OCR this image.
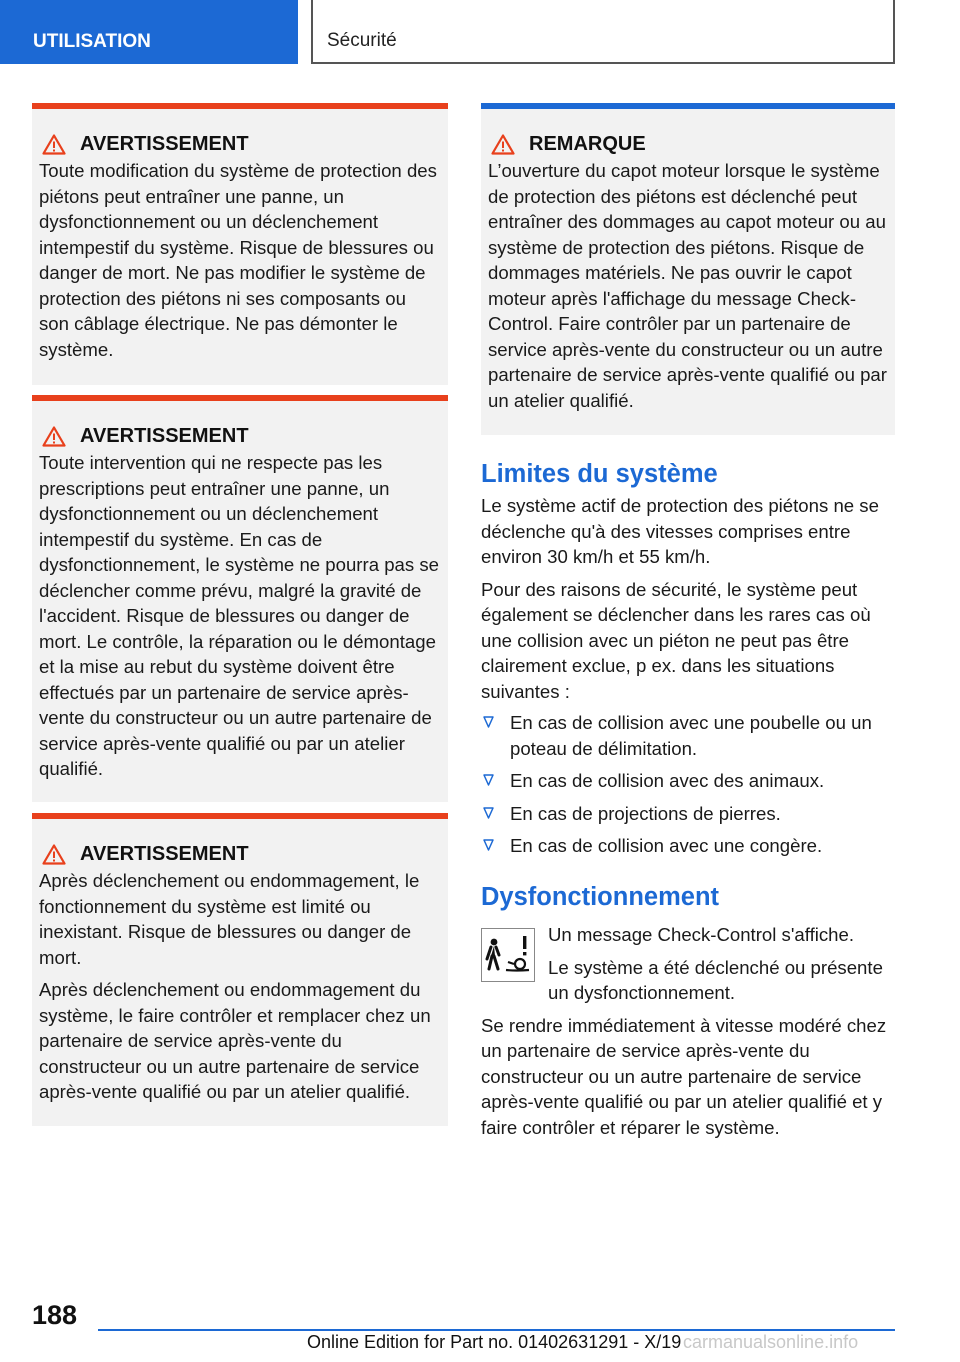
UTILISATION	Sécurité
AVERTISSEMENT

Toute modification du système de protection des piétons peut entraîner une panne, un dysfonctionnement ou un déclenchement intempestif du système. Risque de blessures ou danger de mort. Ne pas modifier le système de protection des piétons ni ses composants ou son câblage électrique. Ne pas démonter le système.

AVERTISSEMENT

Toute intervention qui ne respecte pas les prescriptions peut entraîner une panne, un dysfonctionnement ou un déclenchement intempestif du système. En cas de dysfonctionnement, le système ne pourra pas se déclencher comme prévu, malgré la gravité de l'accident. Risque de blessures ou danger de mort. Le contrôle, la réparation ou le démontage et la mise au rebut du système doivent être effectués par un partenaire de service après-vente du constructeur ou un autre partenaire de service après-vente qualifié ou par un atelier qualifié.

AVERTISSEMENT

Après déclenchement ou endommagement, le fonctionnement du système est limité ou inexistant. Risque de blessures ou danger de mort.

Après déclenchement ou endommagement du système, le faire contrôler et remplacer chez un partenaire de service après-vente du constructeur ou un autre partenaire de service après-vente qualifié ou par un atelier qualifié.

REMARQUE

L’ouverture du capot moteur lorsque le système de protection des piétons est déclenché peut entraîner des dommages au capot moteur ou au système de protection des piétons. Risque de dommages matériels. Ne pas ouvrir le capot moteur après l'affichage du message Check-Control. Faire contrôler par un partenaire de service après-vente du constructeur ou un autre partenaire de service après-vente qualifié ou par un atelier qualifié.

Limites du système

Le système actif de protection des piétons ne se déclenche qu'à des vitesses comprises entre environ 30 km/h et 55 km/h.

Pour des raisons de sécurité, le système peut également se déclencher dans les rares cas où une collision avec un piéton ne peut pas être clairement exclue, p ex. dans les situations suivantes :

En cas de collision avec une poubelle ou un poteau de délimitation.
En cas de collision avec des animaux.
En cas de projections de pierres.
En cas de collision avec une congère.
Dysfonctionnement

Un message Check-Control s'affiche.

Le système a été déclenché ou présente un dysfonctionnement.

Se rendre immédiatement à vitesse modéré chez un partenaire de service après-vente du constructeur ou un autre partenaire de service après-vente qualifié ou par un atelier qualifié et y faire contrôler et réparer le système.

188
Online Edition for Part no. 01402631291 - X/19 carmanualsonline.info
